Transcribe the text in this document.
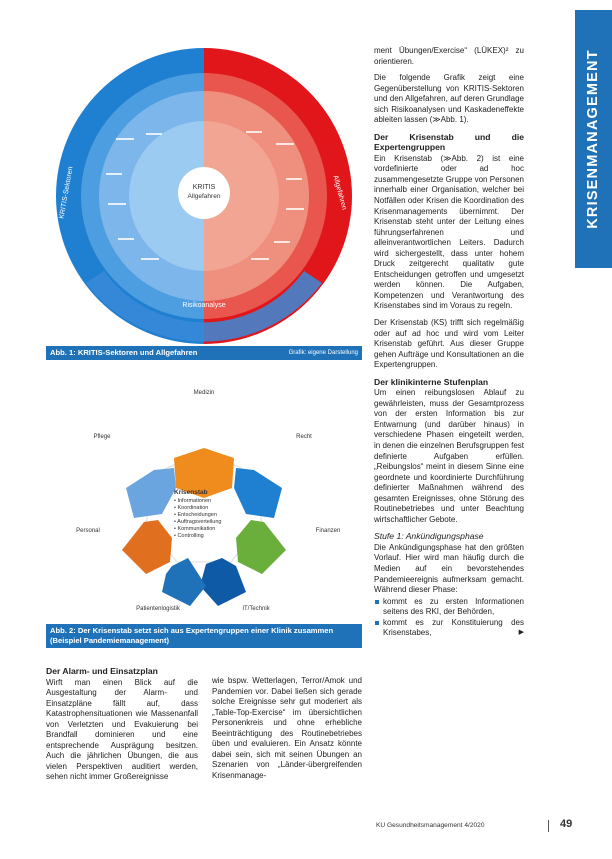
KRISENMANAGEMENT
KRITIS
Allgefahren
KRITIS-Sektoren	Allgefahren
Risikoanalyse
Abb. 1: KRITIS-Sektoren und Allgefahren	Grafik: eigene Darstellung
Krisenstab
• Informationen
• Koordination
• Entscheidungen
• Auftragsverteilung
• Kommunikation
• Controlling
Medizin
Recht
Finanzen
IT/Technik
Patientenlogistik
Personal
Pflege
Abb. 2: Der Krisenstab setzt sich aus Expertengruppen einer Klinik zusammen (Beispiel Pandemiemanagement)
Der Alarm- und Einsatzplan

Wirft man einen Blick auf die Ausgestaltung der Alarm- und Einsatzpläne fällt auf, dass Katastrophensituationen wie Massenanfall von Verletzten und Evakuierung bei Brandfall dominieren und eine entsprechende Ausprägung besitzen. Auch die jährlichen Übungen, die aus vielen Perspektiven auditiert werden, sehen nicht immer Großereignisse

wie bspw. Wetterlagen, Terror/Amok und Pandemien vor. Dabei ließen sich gerade solche Ereignisse sehr gut moderiert als „Table-Top-Exercise“ im übersichtlichen Personenkreis und ohne erhebliche Beeinträchtigung des Routinebetriebes üben und evaluieren. Ein Ansatz könnte dabei sein, sich mit seinen Übungen an Szenarien von „Länder-übergreifenden Krisenmanage-

ment Übungen/Exercise“ (LÜKEX)² zu orientieren.

Die folgende Grafik zeigt eine Gegenüberstellung von KRITIS-Sektoren und den Allgefahren, auf deren Grundlage sich Risikoanalysen und Kaskadeneffekte ableiten lassen (≫Abb. 1).

Der Krisenstab und die Expertengruppen

Ein Krisenstab (≫Abb. 2) ist eine vordefinierte oder ad hoc zusammengesetzte Gruppe von Personen innerhalb einer Organisation, welcher bei Notfällen oder Krisen die Koordination des Krisenmanagements übernimmt. Der Krisenstab steht unter der Leitung eines führungserfahrenen und alleinverantwortlichen Leiters. Dadurch wird sichergestellt, dass unter hohem Druck zeitgerecht qualitativ gute Entscheidungen getroffen und umgesetzt werden können. Die Aufgaben, Kompetenzen und Verantwortung des Krisenstabes sind im Voraus zu regeln.

Der Krisenstab (KS) trifft sich regelmäßig oder auf ad hoc und wird vom Leiter Krisenstab geführt. Aus dieser Gruppe gehen Aufträge und Konsultationen an die Expertengruppen.

Der klinikinterne Stufenplan

Um einen reibungslosen Ablauf zu gewährleisten, muss der Gesamtprozess von der ersten Information bis zur Entwarnung (und darüber hinaus) in verschiedene Phasen eingeteilt werden, in denen die einzelnen Berufsgruppen fest definierte Aufgaben erfüllen. „Reibungslos“ meint in diesem Sinne eine geordnete und koordinierte Durchführung definierter Maßnahmen während des gesamten Ereignisses, ohne Störung des Routinebetriebes und unter Beachtung wirtschaftlicher Gebote.

Stufe 1: Ankündigungsphase

Die Ankündigungsphase hat den größten Vorlauf. Hier wird man häufig durch die Medien auf ein bevorstehendes Pandemieereignis aufmerksam gemacht. Während dieser Phase:

kommt es zu ersten Informationen seitens des RKI, der Behörden,
kommt es zur Konstituierung des Krisenstabes,	▶
KU Gesundheitsmanagement 4/2020	49
